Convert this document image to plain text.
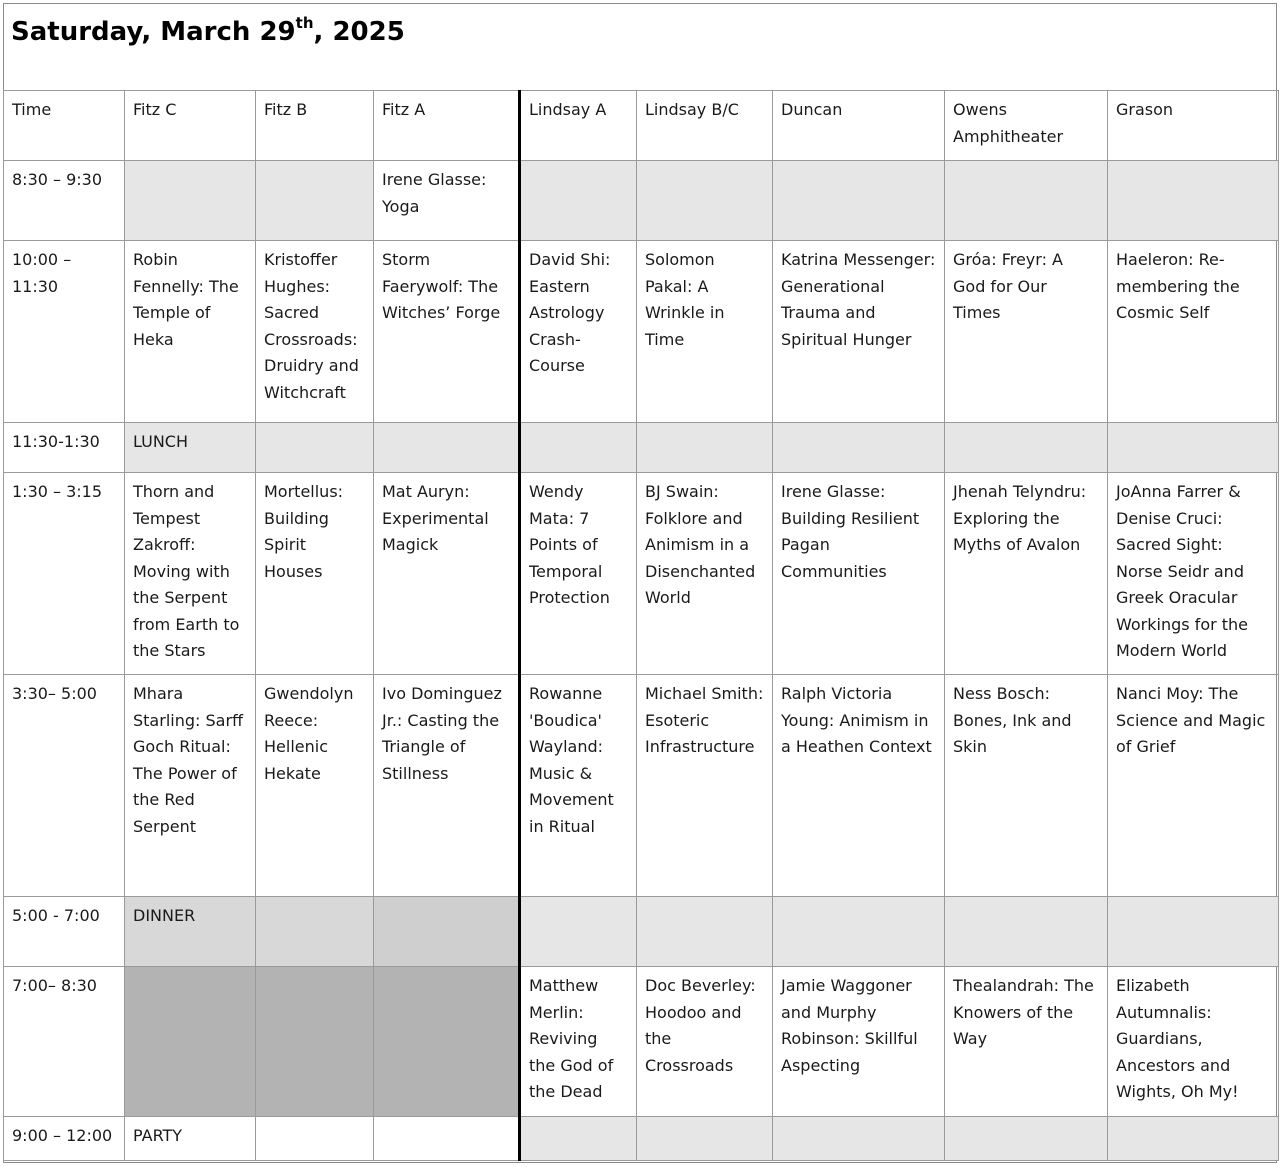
Saturday, March 29th, 2025
Time	Fitz C	Fitz B	Fitz A	Lindsay A	Lindsay B/C	Duncan	Owens Amphitheater	Grason
8:30 – 9:30			Irene Glasse: Yoga					
10:00 – 11:30	Robin Fennelly: The Temple of Heka	Kristoffer Hughes: Sacred Crossroads: Druidry and Witchcraft	Storm Faerywolf: The Witches’ Forge	David Shi: Eastern Astrology Crash-Course	Solomon Pakal: A Wrinkle in Time	Katrina Messenger: Generational Trauma and Spiritual Hunger	Gróa: Freyr: A God for Our Times	Haeleron: Re-membering the Cosmic Self
11:30-1:30	LUNCH							
1:30 – 3:15	Thorn and Tempest Zakroff: Moving with the Serpent from Earth to the Stars	Mortellus: Building Spirit Houses	Mat Auryn: Experimental Magick	Wendy Mata: 7 Points of Temporal Protection	BJ Swain: Folklore and Animism in a Disenchanted World	Irene Glasse: Building Resilient Pagan Communities	Jhenah Telyndru: Exploring the Myths of Avalon	JoAnna Farrer & Denise Cruci: Sacred Sight: Norse Seidr and Greek Oracular Workings for the Modern World
3:30– 5:00	Mhara Starling: Sarff Goch Ritual: The Power of the Red Serpent	Gwendolyn Reece: Hellenic Hekate	Ivo Dominguez Jr.: Casting the Triangle of Stillness	Rowanne 'Boudica' Wayland: Music & Movement in Ritual	Michael Smith: Esoteric Infrastructure	Ralph Victoria Young: Animism in a Heathen Context	Ness Bosch: Bones, Ink and Skin	Nanci Moy: The Science and Magic of Grief
5:00 - 7:00	DINNER							
7:00– 8:30				Matthew Merlin: Reviving the God of the Dead	Doc Beverley: Hoodoo and the Crossroads	Jamie Waggoner and Murphy Robinson: Skillful Aspecting	Thealandrah: The Knowers of the Way	Elizabeth Autumnalis: Guardians, Ancestors and Wights, Oh My!
9:00 – 12:00	PARTY							
